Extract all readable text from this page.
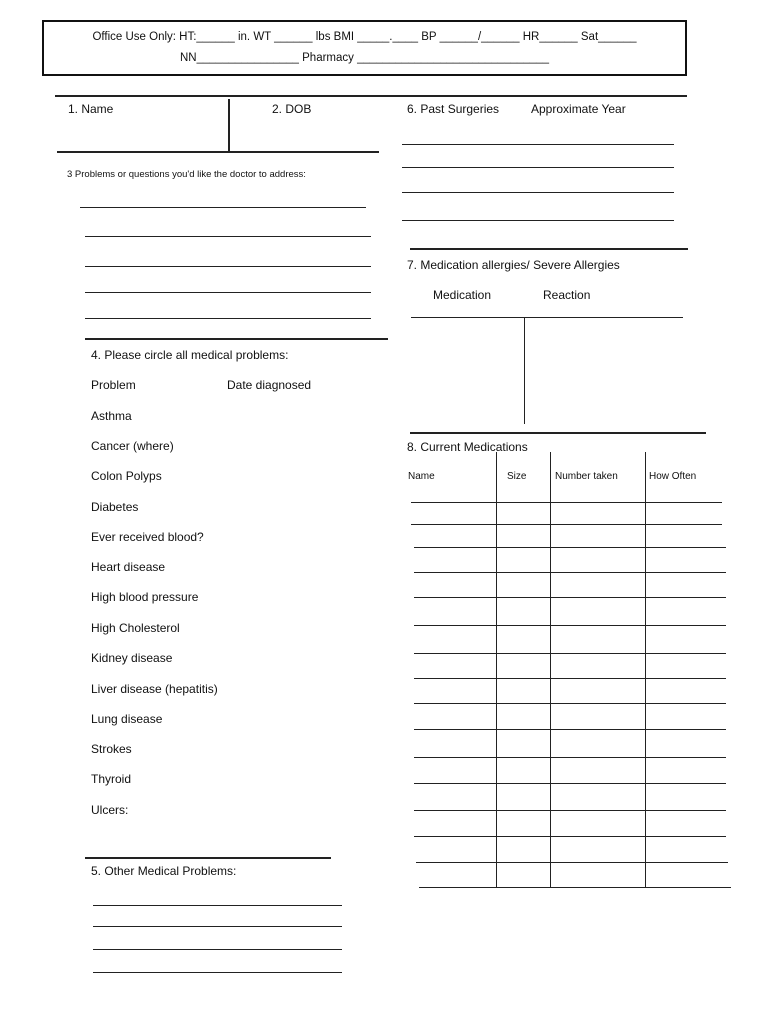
Office Use Only: HT:______ in. WT ______ lbs BMI _____.____ BP ______/______ HR______ Sat______
NN________________ Pharmacy ______________________________
1. Name	2. DOB
3 Problems or questions you'd like the doctor to address:
4. Please circle all medical problems:
Problem	Date diagnosed
Asthma
Cancer (where)
Colon Polyps
Diabetes
Ever received blood?
Heart disease
High blood pressure
High Cholesterol
Kidney disease
Liver disease (hepatitis)
Lung disease
Strokes
Thyroid
Ulcers:
5. Other Medical Problems:
6. Past Surgeries	Approximate Year
7. Medication allergies/ Severe Allergies
Medication	Reaction
8. Current Medications
Name	Size	Number taken	How Often
